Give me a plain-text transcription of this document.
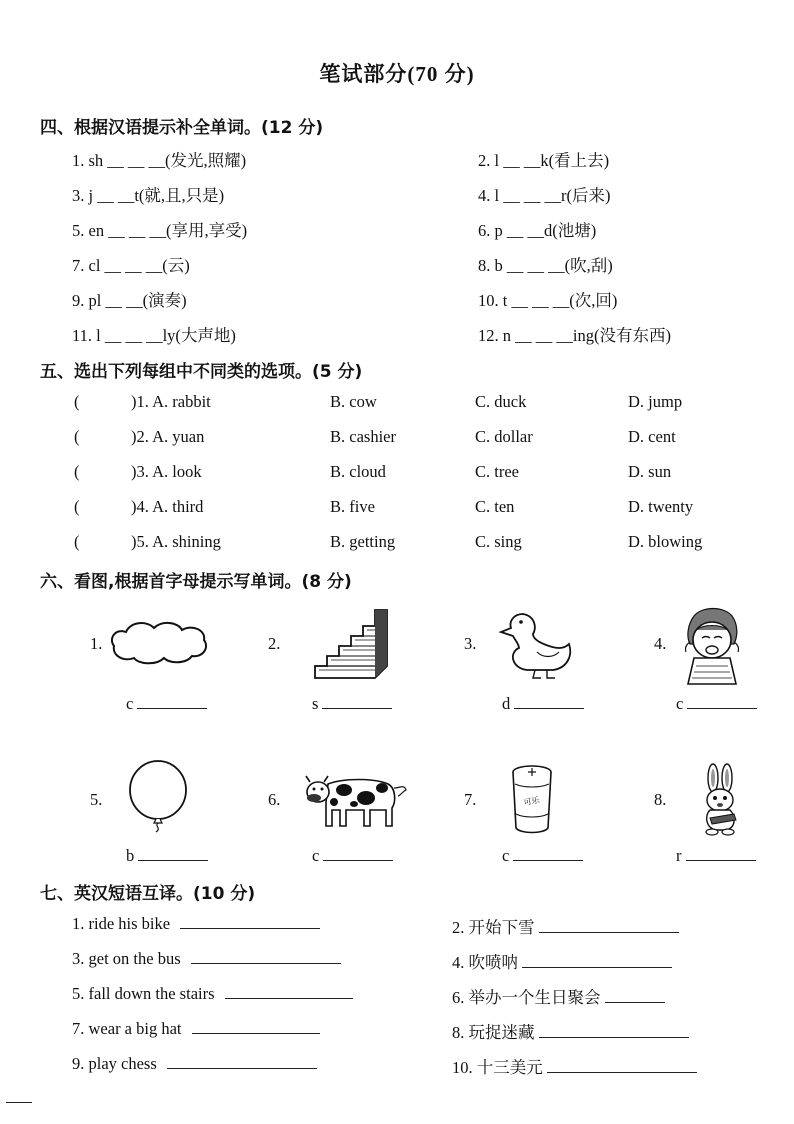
笔试部分(70 分)
四、根据汉语提示补全单词。(12 分)
1. sh __ __ __(发光,照耀)	2. l __ __k(看上去)
3. j __ __t(就,且,只是)	4. l __ __ __r(后来)
5. en __ __ __(享用,享受)	6. p __ __d(池塘)
7. cl __ __ __(云)	8. b __ __ __(吹,刮)
9. pl __ __(演奏)	10. t __ __ __(次,回)
11. l __ __ __ly(大声地)	12. n __ __ __ing(没有东西)
五、选出下列每组中不同类的选项。(5 分)
(	)1. A. rabbit	B. cow	C. duck	D. jump
(	)2. A. yuan	B. cashier	C. dollar	D. cent
(	)3. A. look	B. cloud	C. tree	D. sun
(	)4. A. third	B. five	C. ten	D. twenty
(	)5. A. shining	B. getting	C. sing	D. blowing
六、看图,根据首字母提示写单词。(8 分)
1.
c
2.
s
3.
d
4.
c
5.
b
6.
c
7.	可乐
c
8.
r
七、英汉短语互译。(10 分)
1. ride his bike	2. 开始下雪
3. get on the bus	4. 吹喷呐
5. fall down the stairs	6. 举办一个生日聚会
7. wear a big hat	8. 玩捉迷藏
9. play chess	10. 十三美元
